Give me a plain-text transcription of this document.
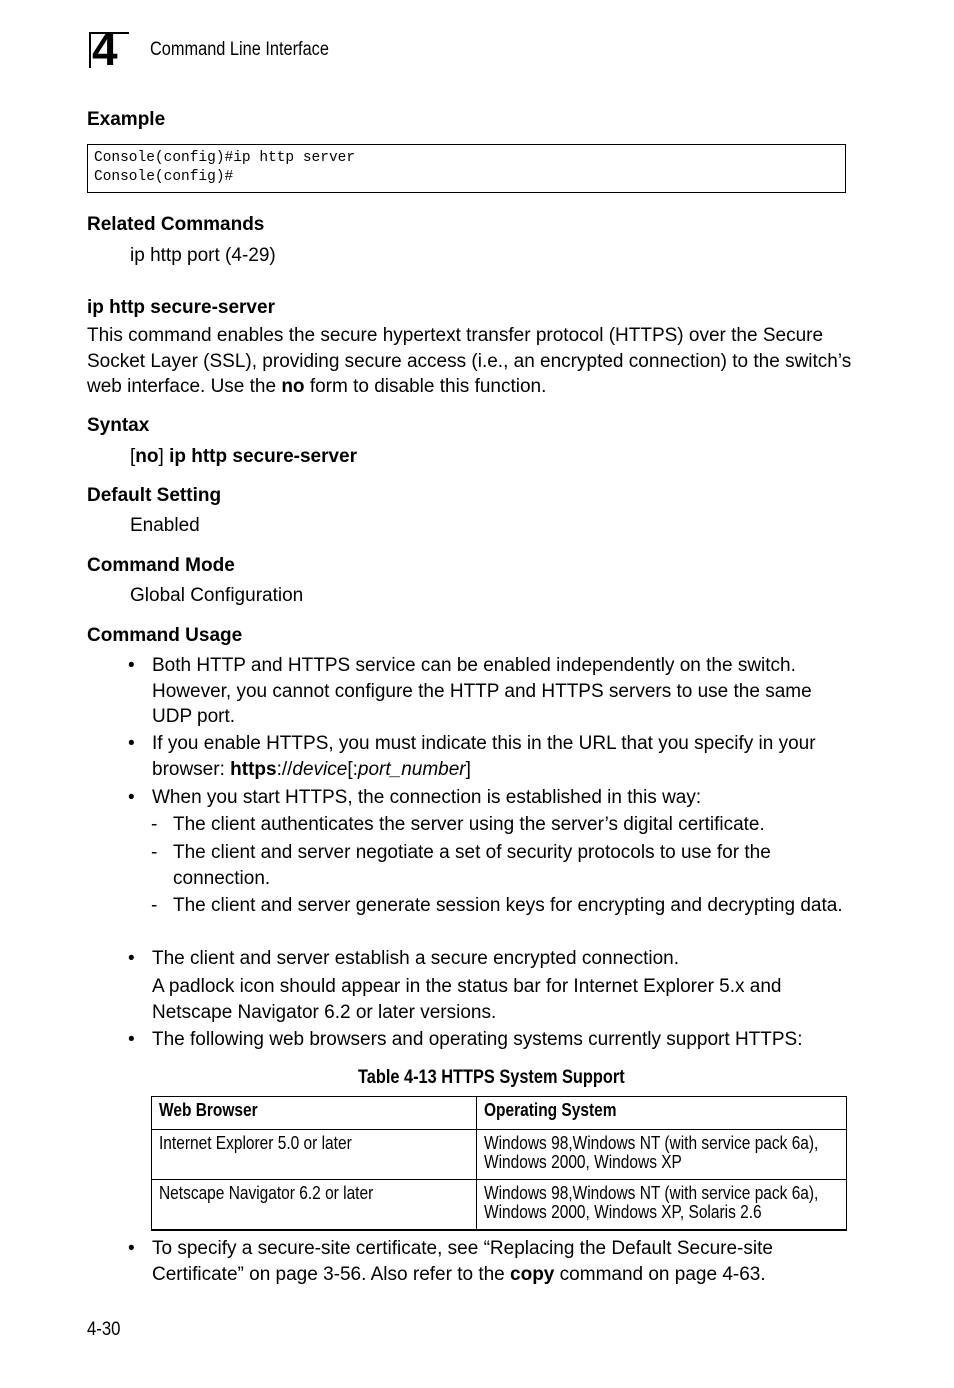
4 Command Line Interface
Example
Console(config)#ip http server
Console(config)#
Related Commands
ip http port (4-29)
ip http secure-server
This command enables the secure hypertext transfer protocol (HTTPS) over the Secure Socket Layer (SSL), providing secure access (i.e., an encrypted connection) to the switch’s web interface. Use the no form to disable this function.
Syntax
[no] ip http secure-server
Default Setting
Enabled
Command Mode
Global Configuration
Command Usage
• Both HTTP and HTTPS service can be enabled independently on the switch. However, you cannot configure the HTTP and HTTPS servers to use the same UDP port.
• If you enable HTTPS, you must indicate this in the URL that you specify in your browser: https://device[:port_number]
• When you start HTTPS, the connection is established in this way:
- The client authenticates the server using the server’s digital certificate.
- The client and server negotiate a set of security protocols to use for the connection.
- The client and server generate session keys for encrypting and decrypting data.
• The client and server establish a secure encrypted connection.
A padlock icon should appear in the status bar for Internet Explorer 5.x and Netscape Navigator 6.2 or later versions.
• The following web browsers and operating systems currently support HTTPS:
Table 4-13 HTTPS System Support
Web Browser	Operating System

Internet Explorer 5.0 or later	Windows 98,Windows NT (with service pack 6a), Windows 2000, Windows XP

Netscape Navigator 6.2 or later	Windows 98,Windows NT (with service pack 6a), Windows 2000, Windows XP, Solaris 2.6
• To specify a secure-site certificate, see “Replacing the Default Secure-site Certificate” on page 3-56. Also refer to the copy command on page 4-63.
4-30
